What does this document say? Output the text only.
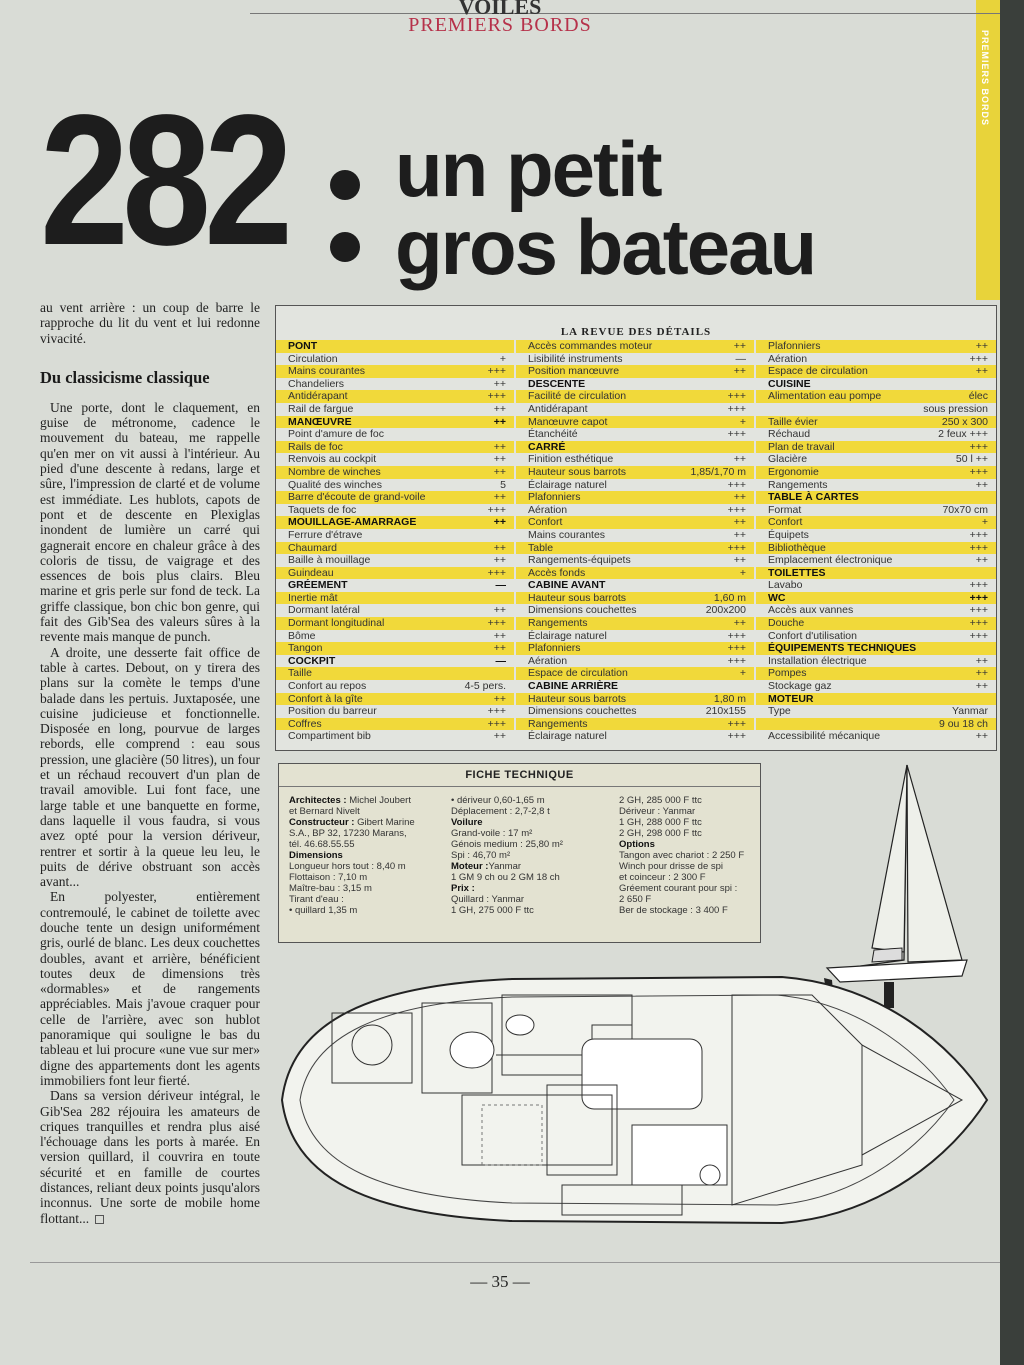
PREMIERS BORDS
VOILES
PREMIERS BORDS
282 un petit
gros bateau

au vent arrière : un coup de barre le rapproche du lit du vent et lui redonne vivacité.

Du classicisme classique

Une porte, dont le claquement, en guise de métronome, cadence le mouvement du bateau, me rappelle qu'en mer on vit aussi à l'intérieur. Au pied d'une descente à redans, large et sûre, l'impression de clarté et de volume est immédiate. Les hublots, capots de pont et de descente en Plexiglas inondent de lumière un carré qui gagnerait encore en chaleur grâce à des coloris de tissu, de vaigrage et des essences de bois plus clairs. Bleu marine et gris perle sur fond de teck. La griffe classique, bon chic bon genre, qui fait des Gib'Sea des valeurs sûres à la revente mais manque de punch.

A droite, une desserte fait office de table à cartes. Debout, on y tirera des plans sur la comète le temps d'une balade dans les pertuis. Juxtaposée, une cuisine judicieuse et fonctionnelle. Disposée en long, pourvue de larges rebords, elle comprend : eau sous pression, une glacière (50 litres), un four et un réchaud recouvert d'un plan de travail amovible. Lui font face, une large table et une banquette en forme, dans laquelle il vous faudra, si vous avez opté pour la version dériveur, rentrer et sortir à la queue leu leu, le puits de dérive obstruant son accès avant...

En polyester, entièrement contremoulé, le cabinet de toilette avec douche tente un design uniformément gris, ourlé de blanc. Les deux couchettes doubles, avant et arrière, bénéficient toutes deux de dimensions très «dormables» et de rangements appréciables. Mais j'avoue craquer pour celle de l'arrière, avec son hublot panoramique qui souligne le bas du tableau et lui procure «une vue sur mer» digne des appartements dont les agents immobiliers font leur fierté.

Dans sa version dériveur intégral, le Gib'Sea 282 réjouira les amateurs de criques tranquilles et rendra plus aisé l'échouage dans les ports à marée. En version quillard, il couvrira en toute sécurité et en famille de courtes distances, reliant deux points jusqu'alors inconnus. Une sorte de mobile home flottant...

LA REVUE DES DÉTAILS
PONT
Circulation	+
Mains courantes	+++
Chandeliers	++
Antidérapant	+++
Rail de fargue	++
MANŒUVRE	++
Point d'amure de foc
Rails de foc	++
Renvois au cockpit	++
Nombre de winches	++
Qualité des winches	5
Barre d'écoute de grand-voile	++
Taquets de foc	+++
MOUILLAGE-AMARRAGE	++
Ferrure d'étrave
Chaumard	++
Baille à mouillage	++
Guindeau	+++
GRÉEMENT	—
Inertie mât
Dormant latéral	++
Dormant longitudinal	+++
Bôme	++
Tangon	++
COCKPIT	—
Taille
Confort au repos	4-5 pers.
Confort à la gîte	++
Position du barreur	+++
Coffres	+++
Compartiment bib	++
Accès commandes moteur	++
Lisibilité instruments	—
Position manœuvre	++
DESCENTE
Facilité de circulation	+++
Antidérapant	+++
Manœuvre capot	+
Étanchéité	+++
CARRÉ
Finition esthétique	++
Hauteur sous barrots	1,85/1,70 m
Éclairage naturel	+++
Plafonniers	++
Aération	+++
Confort	++
Mains courantes	++
Table	+++
Rangements-équipets	++
Accès fonds	+
CABINE AVANT
Hauteur sous barrots	1,60 m
Dimensions couchettes	200x200
Rangements	++
Éclairage naturel	+++
Plafonniers	+++
Aération	+++
Espace de circulation	+
CABINE ARRIÈRE
Hauteur sous barrots	1,80 m
Dimensions couchettes	210x155
Rangements	+++
Éclairage naturel	+++
Plafonniers	++
Aération	+++
Espace de circulation	++
CUISINE
Alimentation eau pompe	élec
sous pression
Taille évier	250 x 300
Réchaud	2 feux +++
Plan de travail	+++
Glacière	50 l ++
Ergonomie	+++
Rangements	++
TABLE À CARTES
Format	70x70 cm
Confort	+
Équipets	+++
Bibliothèque	+++
Emplacement électronique	++
TOILETTES
Lavabo	+++
WC	+++
Accès aux vannes	+++
Douche	+++
Confort d'utilisation	+++
ÉQUIPEMENTS TECHNIQUES
Installation électrique	++
Pompes	++
Stockage gaz	++
MOTEUR
Type	Yanmar
9 ou 18 ch
Accessibilité mécanique	++
FICHE TECHNIQUE
Architectes : Michel Joubert
et Bernard Nivelt
Constructeur : Gibert Marine
S.A., BP 32, 17230 Marans,
tél. 46.68.55.55
Dimensions
Longueur hors tout : 8,40 m
Flottaison : 7,10 m
Maître-bau : 3,15 m
Tirant d'eau :
• quillard 1,35 m
• dériveur 0,60-1,65 m
Déplacement : 2,7-2,8 t
Voilure
Grand-voile : 17 m²
Génois medium : 25,80 m²
Spi : 46,70 m²
Moteur :Yanmar
1 GM 9 ch ou 2 GM 18 ch
Prix :
Quillard : Yanmar
1 GH, 275 000 F ttc
2 GH, 285 000 F ttc
Dériveur : Yanmar
1 GH, 288 000 F ttc
2 GH, 298 000 F ttc
Options
Tangon avec chariot : 2 250 F
Winch pour drisse de spi
et coinceur : 2 300 F
Gréement courant pour spi :
2 650 F
Ber de stockage : 3 400 F
— 35 —
